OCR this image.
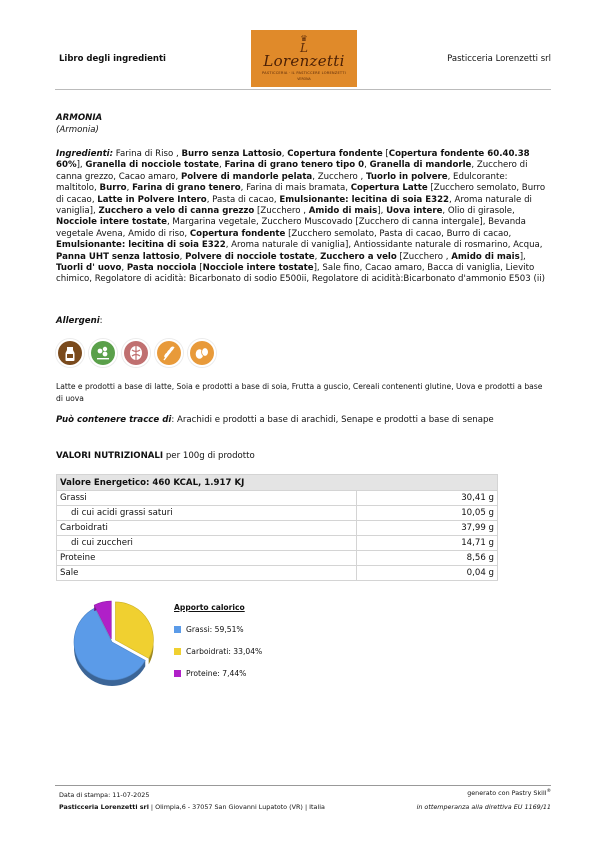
Libro degli ingredienti
♛
L
Lorenzetti
PASTICCERIA · IL PASTICCERE LORENZETTI
VERONA
Pasticceria Lorenzetti srl
ARMONIA
(Armonia)
Ingredienti: Farina di Riso , Burro senza Lattosio, Copertura fondente [Copertura fondente 60.40.38 60%], Granella di nocciole tostate, Farina di grano tenero tipo 0, Granella di mandorle, Zucchero di canna grezzo, Cacao amaro, Polvere di mandorle pelata, Zucchero , Tuorlo in polvere, Edulcorante: maltitolo, Burro, Farina di grano tenero, Farina di mais bramata, Copertura Latte [Zucchero semolato, Burro di cacao, Latte in Polvere Intero, Pasta di cacao, Emulsionante: lecitina di soia E322, Aroma naturale di vaniglia], Zucchero a velo di canna grezzo [Zucchero , Amido di mais], Uova intere, Olio di girasole, Nocciole intere tostate, Margarina vegetale, Zucchero Muscovado [Zucchero di canna intergale], Bevanda vegetale Avena, Amido di riso, Copertura fondente [Zucchero semolato, Pasta di cacao, Burro di cacao, Emulsionante: lecitina di soia E322, Aroma naturale di vaniglia], Antiossidante naturale di rosmarino, Acqua, Panna UHT senza lattosio, Polvere di nocciole tostate, Zucchero a velo [Zucchero , Amido di mais], Tuorli d' uovo, Pasta nocciola [Nocciole intere tostate], Sale fino, Cacao amaro, Bacca di vaniglia, Lievito chimico, Regolatore di acidità: Bicarbonato di sodio E500ii, Regolatore di acidità:Bicarbonato d'ammonio E503 (ii)
Allergeni:
Latte e prodotti a base di latte, Soia e prodotti a base di soia, Frutta a guscio, Cereali contenenti glutine, Uova e prodotti a base di uova
Può contenere tracce di: Arachidi e prodotti a base di arachidi, Senape e prodotti a base di senape
VALORI NUTRIZIONALI per 100g di prodotto
Valore Energetico: 460 KCAL, 1.917 KJ	
Grassi	30,41 g
di cui acidi grassi saturi	10,05 g
Carboidrati	37,99 g
di cui zuccheri	14,71 g
Proteine	8,56 g
Sale	0,04 g
Apporto calorico
Grassi: 59,51%
Carboidrati: 33,04%
Proteine: 7,44%
Data di stampa: 11-07-2025	generato con Pastry Skill®
Pasticceria Lorenzetti srl | Olimpia,6 - 37057 San Giovanni Lupatoto (VR) | Italia	in ottemperanza alla direttiva EU 1169/11
